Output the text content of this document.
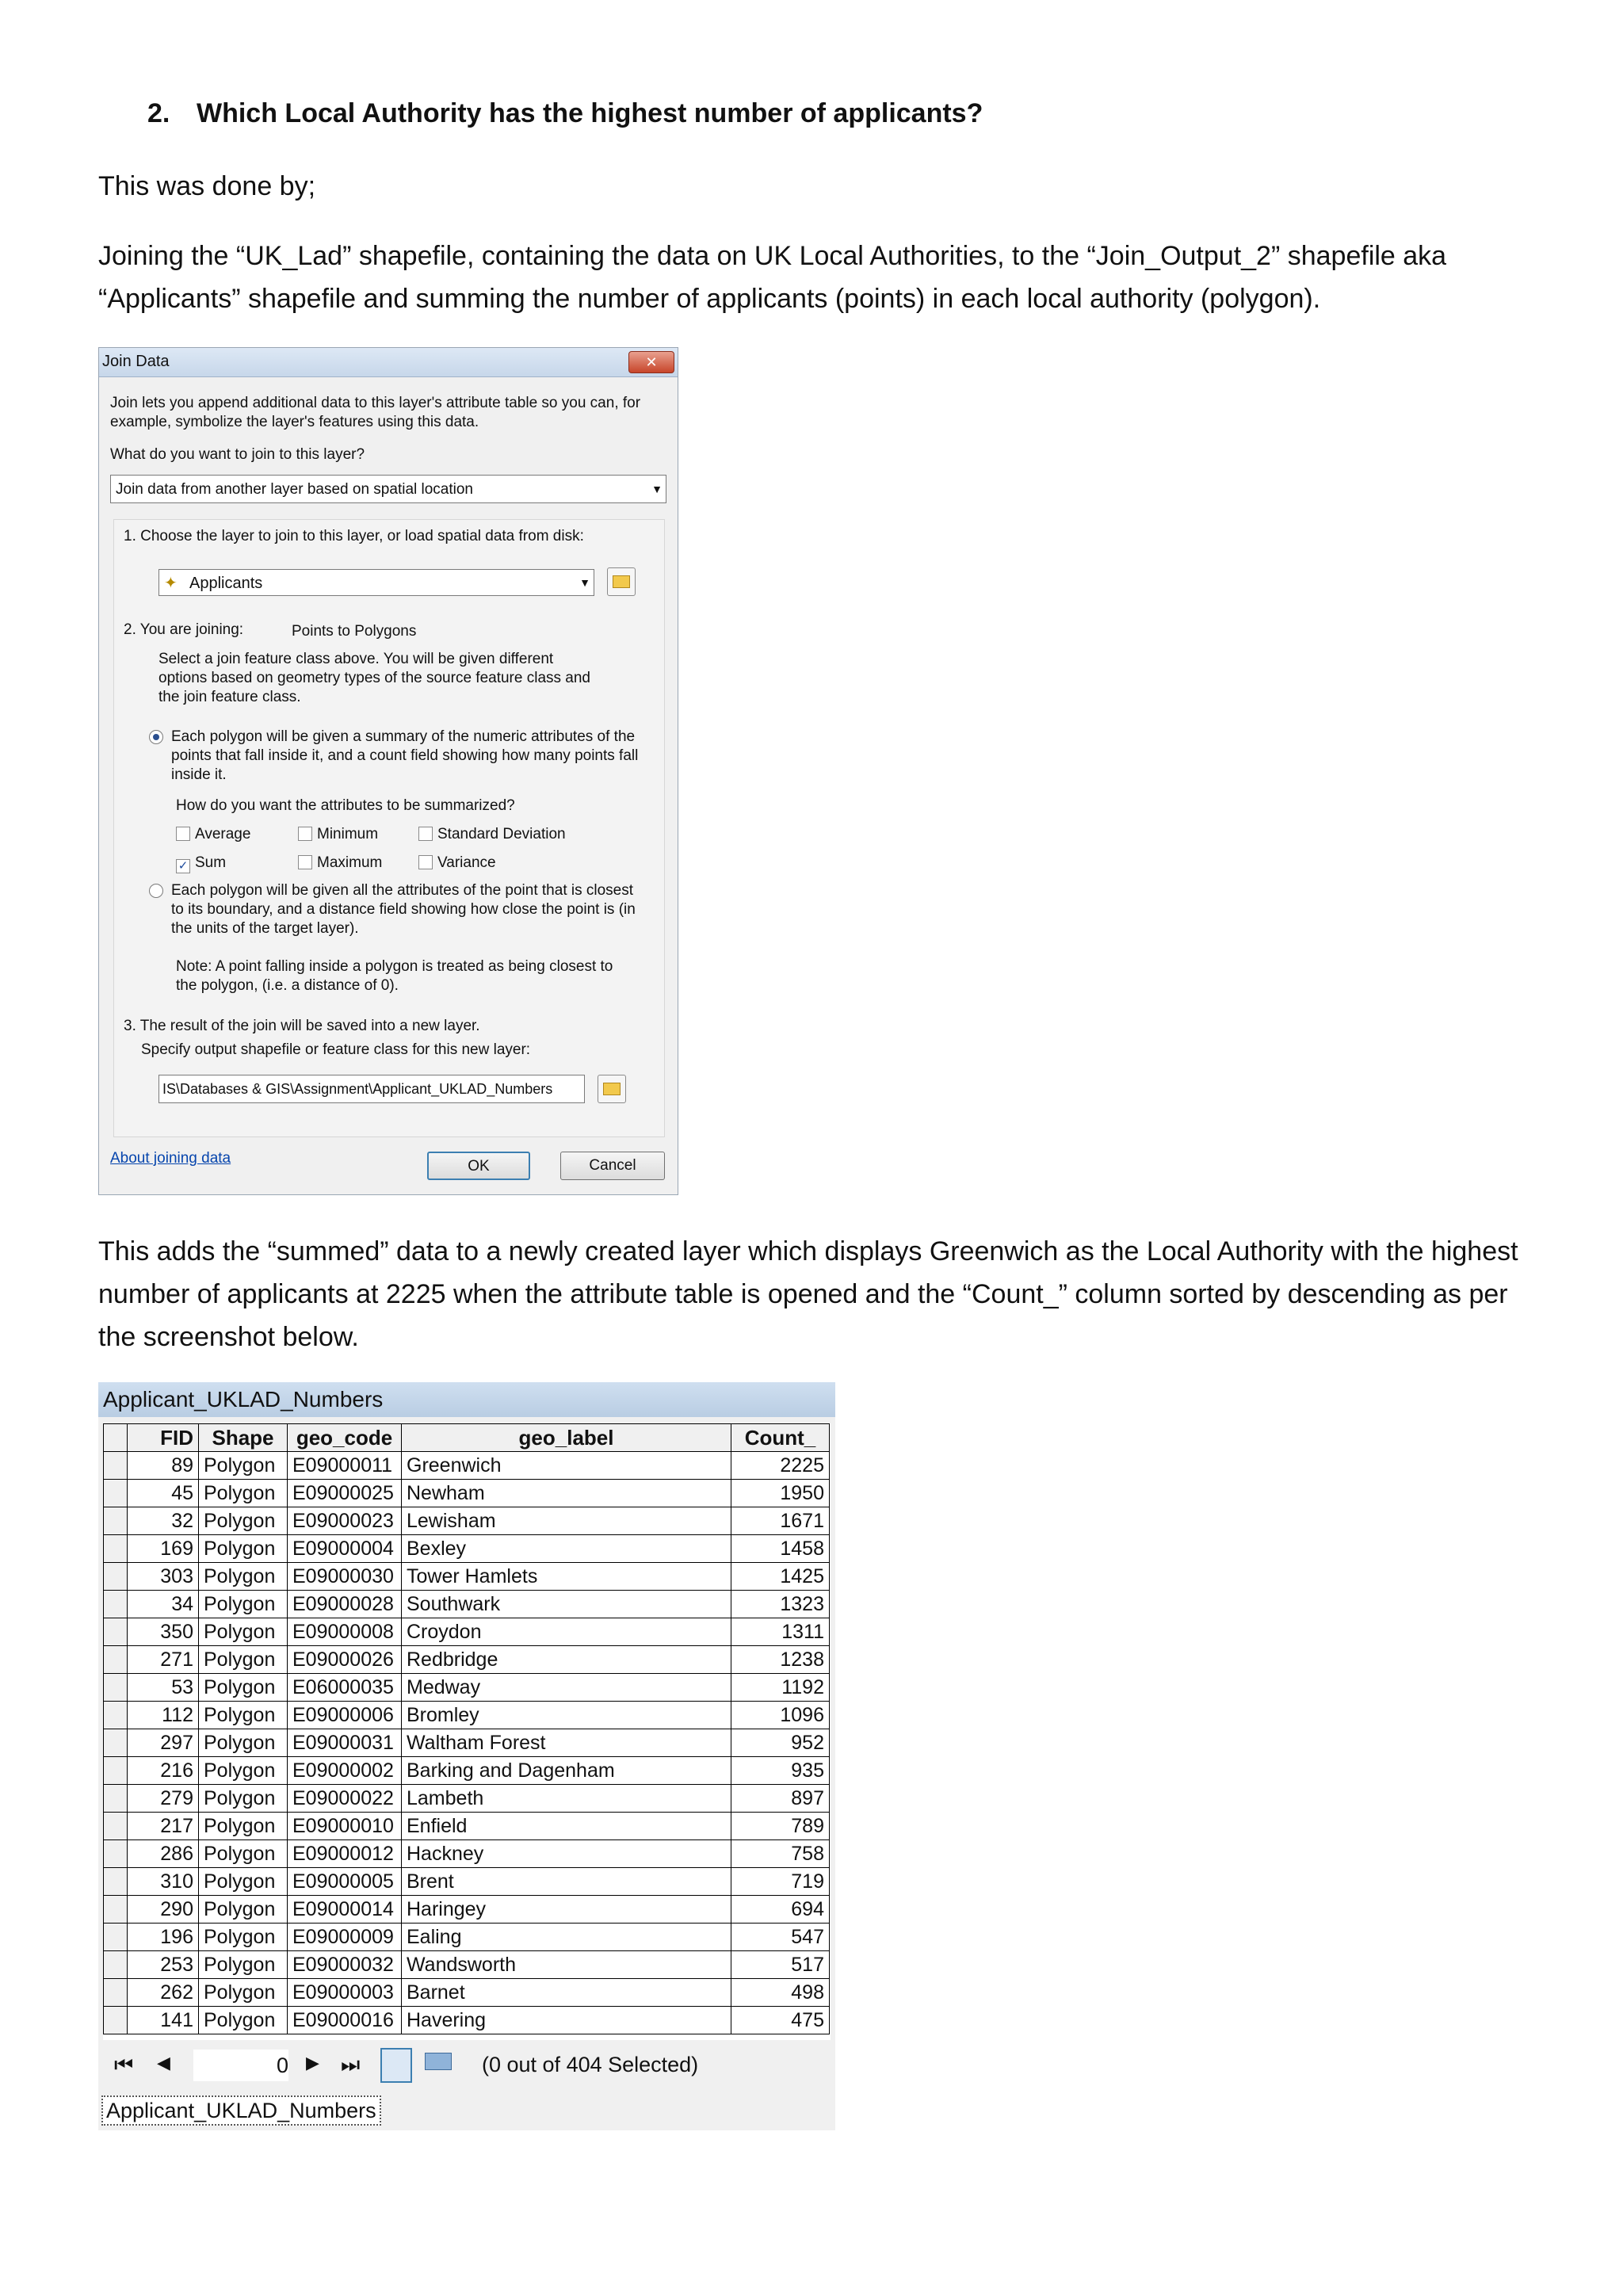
2. Which Local Authority has the highest number of applicants?
This was done by;
Joining the “UK_Lad” shapefile, containing the data on UK Local Authorities, to the “Join_Output_2” shapefile aka “Applicants” shapefile and summing the number of applicants (points) in each local authority (polygon).
Join Data	✕
Join lets you append additional data to this layer's attribute table so you can, for example, symbolize the layer's features using this data.
What do you want to join to this layer?
Join data from another layer based on spatial location	▼
1. Choose the layer to join to this layer, or load spatial data from disk:
✦ Applicants	▼
2. You are joining:	Points to Polygons
Select a join feature class above. You will be given different options based on geometry types of the source feature class and the join feature class.
Each polygon will be given a summary of the numeric attributes of the points that fall inside it, and a count field showing how many points fall inside it.
How do you want the attributes to be summarized?
Average	Minimum	Standard Deviation
✓ Sum	Maximum	Variance
Each polygon will be given all the attributes of the point that is closest to its boundary, and a distance field showing how close the point is (in the units of the target layer).
Note: A point falling inside a polygon is treated as being closest to the polygon, (i.e. a distance of 0).
3. The result of the join will be saved into a new layer.
Specify output shapefile or feature class for this new layer:
IS\Databases & GIS\Assignment\Applicant_UKLAD_Numbers
About joining data	OK	Cancel
This adds the “summed” data to a newly created layer which displays Greenwich as the Local Authority with the highest number of applicants at 2225 when the attribute table is opened and the “Count_” column sorted by descending as per the screenshot below.
Applicant_UKLAD_Numbers
	FID	Shape	geo_code	geo_label	Count_
	89	Polygon	E09000011	Greenwich	2225
	45	Polygon	E09000025	Newham	1950
	32	Polygon	E09000023	Lewisham	1671
	169	Polygon	E09000004	Bexley	1458
	303	Polygon	E09000030	Tower Hamlets	1425
	34	Polygon	E09000028	Southwark	1323
	350	Polygon	E09000008	Croydon	1311
	271	Polygon	E09000026	Redbridge	1238
	53	Polygon	E06000035	Medway	1192
	112	Polygon	E09000006	Bromley	1096
	297	Polygon	E09000031	Waltham Forest	952
	216	Polygon	E09000002	Barking and Dagenham	935
	279	Polygon	E09000022	Lambeth	897
	217	Polygon	E09000010	Enfield	789
	286	Polygon	E09000012	Hackney	758
	310	Polygon	E09000005	Brent	719
	290	Polygon	E09000014	Haringey	694
	196	Polygon	E09000009	Ealing	547
	253	Polygon	E09000032	Wandsworth	517
	262	Polygon	E09000003	Barnet	498
	141	Polygon	E09000016	Havering	475
⏮ ◀	0 ▶ ⏭	(0 out of 404 Selected)
Applicant_UKLAD_Numbers
